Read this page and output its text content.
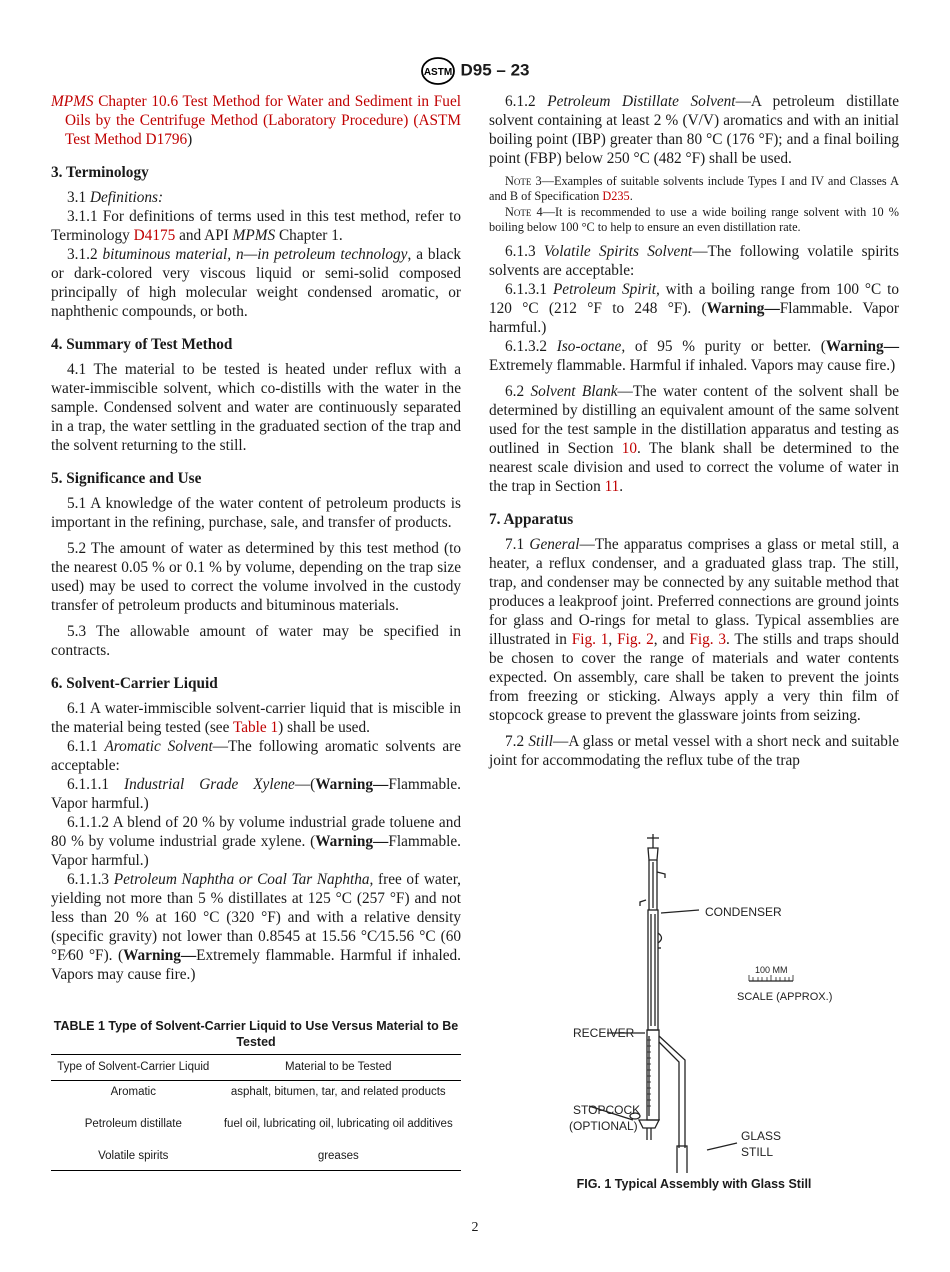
ASTM D95 – 23

MPMS Chapter 10.6 Test Method for Water and Sediment in Fuel Oils by the Centrifuge Method (Laboratory Procedure) (ASTM Test Method D1796)

3. Terminology

3.1 Definitions:

3.1.1 For definitions of terms used in this test method, refer to Terminology D4175 and API MPMS Chapter 1.

3.1.2 bituminous material, n—in petroleum technology, a black or dark-colored very viscous liquid or semi-solid composed principally of high molecular weight condensed aromatic, or naphthenic compounds, or both.

4. Summary of Test Method

4.1 The material to be tested is heated under reflux with a water-immiscible solvent, which co-distills with the water in the sample. Condensed solvent and water are continuously separated in a trap, the water settling in the graduated section of the trap and the solvent returning to the still.

5. Significance and Use

5.1 A knowledge of the water content of petroleum products is important in the refining, purchase, sale, and transfer of products.

5.2 The amount of water as determined by this test method (to the nearest 0.05 % or 0.1 % by volume, depending on the trap size used) may be used to correct the volume involved in the custody transfer of petroleum products and bituminous materials.

5.3 The allowable amount of water may be specified in contracts.

6. Solvent-Carrier Liquid

6.1 A water-immiscible solvent-carrier liquid that is miscible in the material being tested (see Table 1) shall be used.

6.1.1 Aromatic Solvent—The following aromatic solvents are acceptable:

6.1.1.1 Industrial Grade Xylene—(Warning—Flammable. Vapor harmful.)

6.1.1.2 A blend of 20 % by volume industrial grade toluene and 80 % by volume industrial grade xylene. (Warning—Flammable. Vapor harmful.)

6.1.1.3 Petroleum Naphtha or Coal Tar Naphtha, free of water, yielding not more than 5 % distillates at 125 °C (257 °F) and not less than 20 % at 160 °C (320 °F) and with a relative density (specific gravity) not lower than 0.8545 at 15.56 °C⁄15.56 °C (60 °F⁄60 °F). (Warning—Extremely flammable. Harmful if inhaled. Vapors may cause fire.)

TABLE 1 Type of Solvent-Carrier Liquid to Use Versus Material to Be Tested
Type of Solvent-Carrier Liquid	Material to be Tested
Aromatic	asphalt, bitumen, tar, and related products
Petroleum distillate	fuel oil, lubricating oil, lubricating oil additives
Volatile spirits	greases

6.1.2 Petroleum Distillate Solvent—A petroleum distillate solvent containing at least 2 % (V/V) aromatics and with an initial boiling point (IBP) greater than 80 °C (176 °F); and a final boiling point (FBP) below 250 °C (482 °F) shall be used.

Note 3—Examples of suitable solvents include Types I and IV and Classes A and B of Specification D235.

Note 4—It is recommended to use a wide boiling range solvent with 10 % boiling below 100 °C to help to ensure an even distillation rate.

6.1.3 Volatile Spirits Solvent—The following volatile spirits solvents are acceptable:

6.1.3.1 Petroleum Spirit, with a boiling range from 100 °C to 120 °C (212 °F to 248 °F). (Warning—Flammable. Vapor harmful.)

6.1.3.2 Iso-octane, of 95 % purity or better. (Warning—Extremely flammable. Harmful if inhaled. Vapors may cause fire.)

6.2 Solvent Blank—The water content of the solvent shall be determined by distilling an equivalent amount of the same solvent used for the test sample in the distillation apparatus and testing as outlined in Section 10. The blank shall be determined to the nearest scale division and used to correct the volume of water in the trap in Section 11.

7. Apparatus

7.1 General—The apparatus comprises a glass or metal still, a heater, a reflux condenser, and a graduated glass trap. The still, trap, and condenser may be connected by any suitable method that produces a leakproof joint. Preferred connections are ground joints for glass and O-rings for metal to glass. Typical assemblies are illustrated in Fig. 1, Fig. 2, and Fig. 3. The stills and traps should be chosen to cover the range of materials and water contents expected. On assembly, care shall be taken to prevent the joints from freezing or sticking. Always apply a very thin film of stopcock grease to prevent the glassware joints from seizing.

7.2 Still—A glass or metal vessel with a short neck and suitable joint for accommodating the reflux tube of the trap

CONDENSER
100 MM
SCALE (APPROX.)
RECEIVER
STOPCOCK
(OPTIONAL)
GLASS
STILL
FIG. 1 Typical Assembly with Glass Still
2
